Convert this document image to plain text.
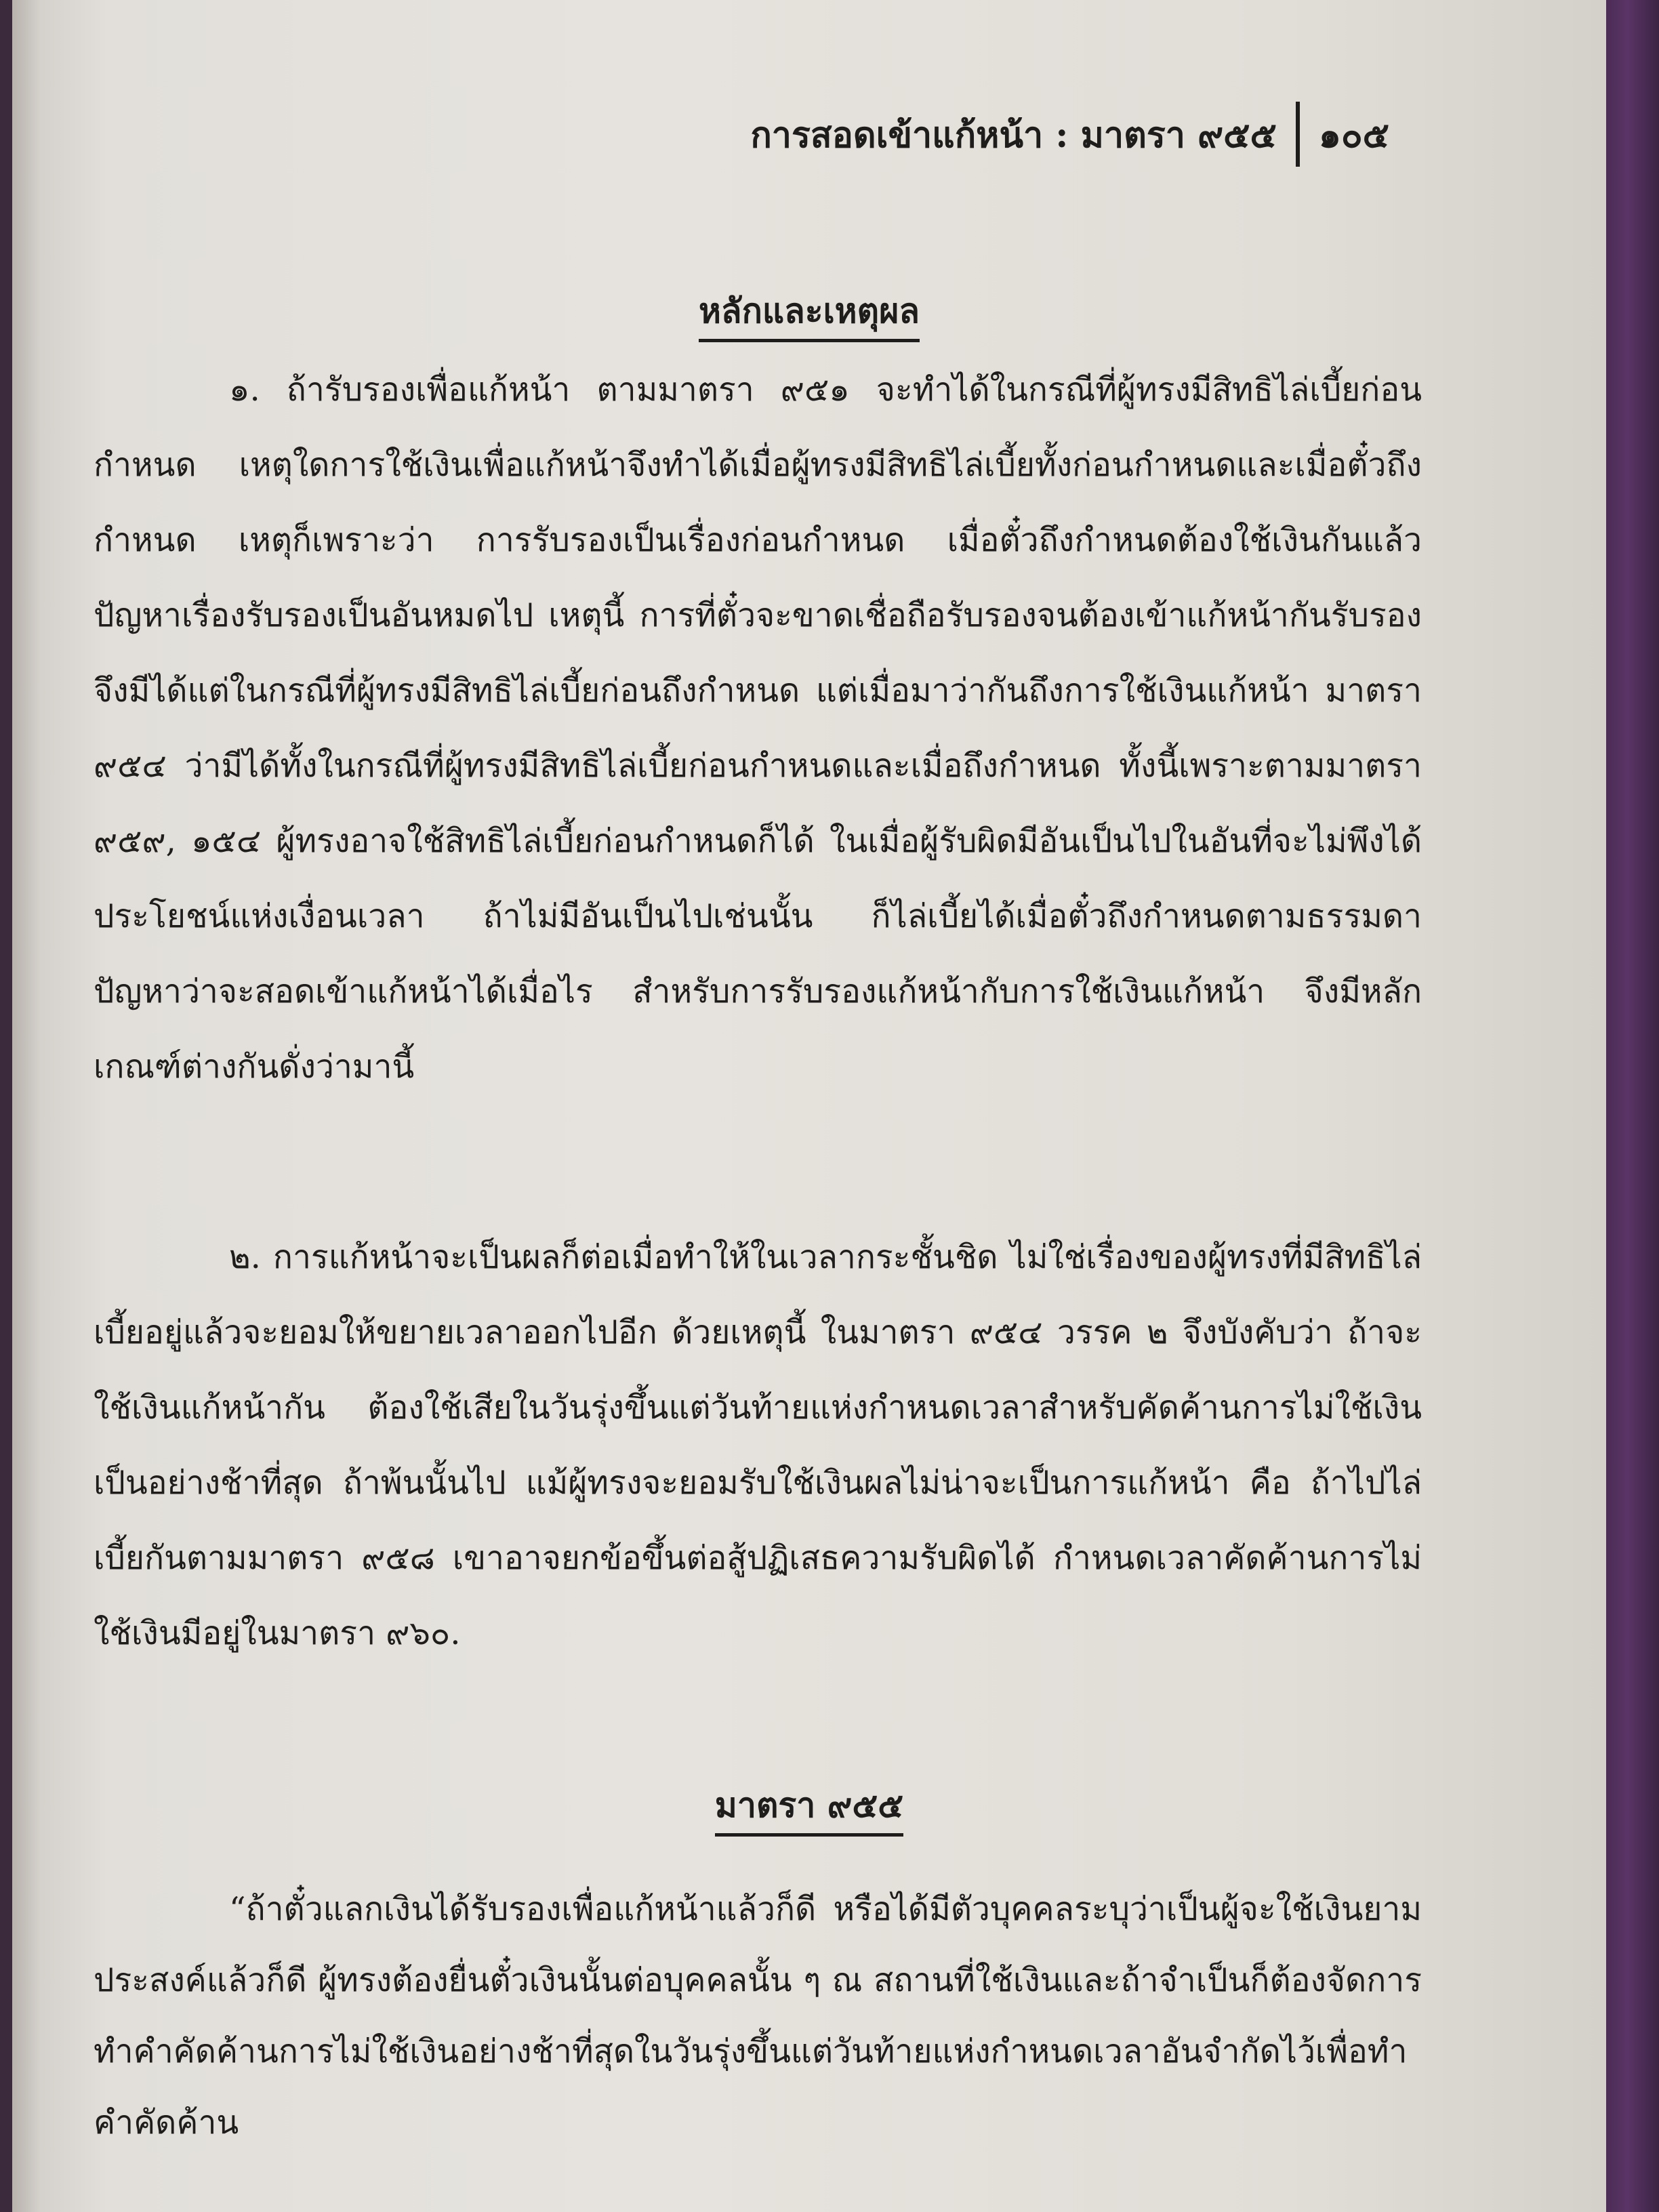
การสอดเข้าแก้หน้า : มาตรา ๙๕๕ ๑๐๕
หลักและเหตุผล

๑. ถ้ารับรองเพื่อแก้หน้า ตามมาตรา ๙๕๑ จะทำได้ในกรณีที่ผู้ทรงมีสิทธิไล่เบี้ยก่อนกำหนด เหตุใดการใช้เงินเพื่อแก้หน้าจึงทำได้เมื่อผู้ทรงมีสิทธิไล่เบี้ยทั้งก่อนกำหนดและเมื่อตั๋วถึงกำหนด เหตุก็เพราะว่า การรับรองเป็นเรื่องก่อนกำหนด เมื่อตั๋วถึงกำหนดต้องใช้เงินกันแล้ว ปัญหาเรื่องรับรองเป็นอันหมดไป เหตุนี้ การที่ตั๋วจะขาดเชื่อถือรับรองจนต้องเข้าแก้หน้ากันรับรอง จึงมีได้แต่ในกรณีที่ผู้ทรงมีสิทธิไล่เบี้ยก่อนถึงกำหนด แต่เมื่อมาว่ากันถึงการใช้เงินแก้หน้า มาตรา ๙๕๔ ว่ามีได้ทั้งในกรณีที่ผู้ทรงมีสิทธิไล่เบี้ยก่อนกำหนดและเมื่อถึงกำหนด ทั้งนี้เพราะตามมาตรา ๙๕๙, ๑๕๔ ผู้ทรงอาจใช้สิทธิไล่เบี้ยก่อนกำหนดก็ได้ ในเมื่อผู้รับผิดมีอันเป็นไปในอันที่จะไม่พึงได้ประโยชน์แห่งเงื่อนเวลา ถ้าไม่มีอันเป็นไปเช่นนั้น ก็ไล่เบี้ยได้เมื่อตั๋วถึงกำหนดตามธรรมดา ปัญหาว่าจะสอดเข้าแก้หน้าได้เมื่อไร สำหรับการรับรองแก้หน้ากับการใช้เงินแก้หน้า จึงมีหลักเกณฑ์ต่างกันดั่งว่ามานี้

๒. การแก้หน้าจะเป็นผลก็ต่อเมื่อทำให้ในเวลากระชั้นชิด ไม่ใช่เรื่องของผู้ทรงที่มีสิทธิไล่เบี้ยอยู่แล้วจะยอมให้ขยายเวลาออกไปอีก ด้วยเหตุนี้ ในมาตรา ๙๕๔ วรรค ๒ จึงบังคับว่า ถ้าจะใช้เงินแก้หน้ากัน ต้องใช้เสียในวันรุ่งขึ้นแต่วันท้ายแห่งกำหนดเวลาสำหรับคัดค้านการไม่ใช้เงินเป็นอย่างช้าที่สุด ถ้าพ้นนั้นไป แม้ผู้ทรงจะยอมรับใช้เงินผลไม่น่าจะเป็นการแก้หน้า คือ ถ้าไปไล่เบี้ยกันตามมาตรา ๙๕๘ เขาอาจยกข้อขึ้นต่อสู้ปฏิเสธความรับผิดได้ กำหนดเวลาคัดค้านการไม่ใช้เงินมีอยู่ในมาตรา ๙๖๐.

มาตรา ๙๕๕

“ถ้าตั๋วแลกเงินได้รับรองเพื่อแก้หน้าแล้วก็ดี หรือได้มีตัวบุคคลระบุว่าเป็นผู้จะใช้เงินยามประสงค์แล้วก็ดี ผู้ทรงต้องยื่นตั๋วเงินนั้นต่อบุคคลนั้น ๆ ณ สถานที่ใช้เงินและถ้าจำเป็นก็ต้องจัดการทำคำคัดค้านการไม่ใช้เงินอย่างช้าที่สุดในวันรุ่งขึ้นแต่วันท้ายแห่งกำหนดเวลาอันจำกัดไว้เพื่อทำคำคัดค้าน
